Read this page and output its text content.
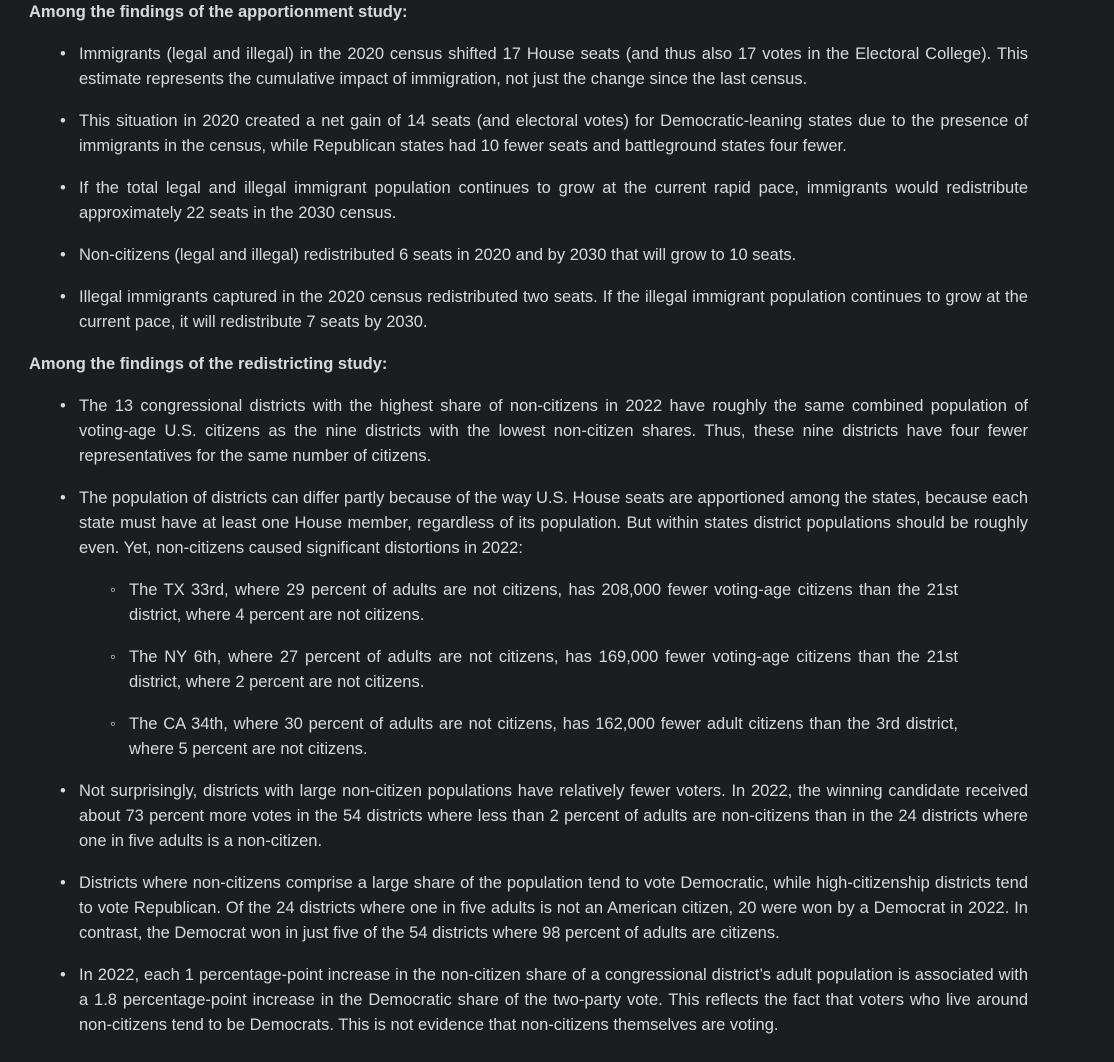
Among the findings of the apportionment study:
• Immigrants (legal and illegal) in the 2020 census shifted 17 House seats (and thus also 17 votes in the Electoral College). This estimate represents the cumulative impact of immigration, not just the change since the last census.
• This situation in 2020 created a net gain of 14 seats (and electoral votes) for Democratic-leaning states due to the presence of immigrants in the census, while Republican states had 10 fewer seats and battleground states four fewer.
• If the total legal and illegal immigrant population continues to grow at the current rapid pace, immigrants would redistribute approximately 22 seats in the 2030 census.
• Non-citizens (legal and illegal) redistributed 6 seats in 2020 and by 2030 that will grow to 10 seats.
• Illegal immigrants captured in the 2020 census redistributed two seats. If the illegal immigrant population continues to grow at the current pace, it will redistribute 7 seats by 2030.
Among the findings of the redistricting study:
• The 13 congressional districts with the highest share of non-citizens in 2022 have roughly the same combined population of voting-age U.S. citizens as the nine districts with the lowest non-citizen shares. Thus, these nine districts have four fewer representatives for the same number of citizens.
• The population of districts can differ partly because of the way U.S. House seats are apportioned among the states, because each state must have at least one House member, regardless of its population. But within states district populations should be roughly even. Yet, non-citizens caused significant distortions in 2022:
◦ The TX 33rd, where 29 percent of adults are not citizens, has 208,000 fewer voting-age citizens than the 21st district, where 4 percent are not citizens.
◦ The NY 6th, where 27 percent of adults are not citizens, has 169,000 fewer voting-age citizens than the 21st district, where 2 percent are not citizens.
◦ The CA 34th, where 30 percent of adults are not citizens, has 162,000 fewer adult citizens than the 3rd district, where 5 percent are not citizens.
• Not surprisingly, districts with large non-citizen populations have relatively fewer voters. In 2022, the winning candidate received about 73 percent more votes in the 54 districts where less than 2 percent of adults are non-citizens than in the 24 districts where one in five adults is a non-citizen.
• Districts where non-citizens comprise a large share of the population tend to vote Democratic, while high-citizenship districts tend to vote Republican. Of the 24 districts where one in five adults is not an American citizen, 20 were won by a Democrat in 2022. In contrast, the Democrat won in just five of the 54 districts where 98 percent of adults are citizens.
• In 2022, each 1 percentage-point increase in the non-citizen share of a congressional district’s adult population is associated with a 1.8 percentage-point increase in the Democratic share of the two-party vote. This reflects the fact that voters who live around non-citizens tend to be Democrats. This is not evidence that non-citizens themselves are voting.
